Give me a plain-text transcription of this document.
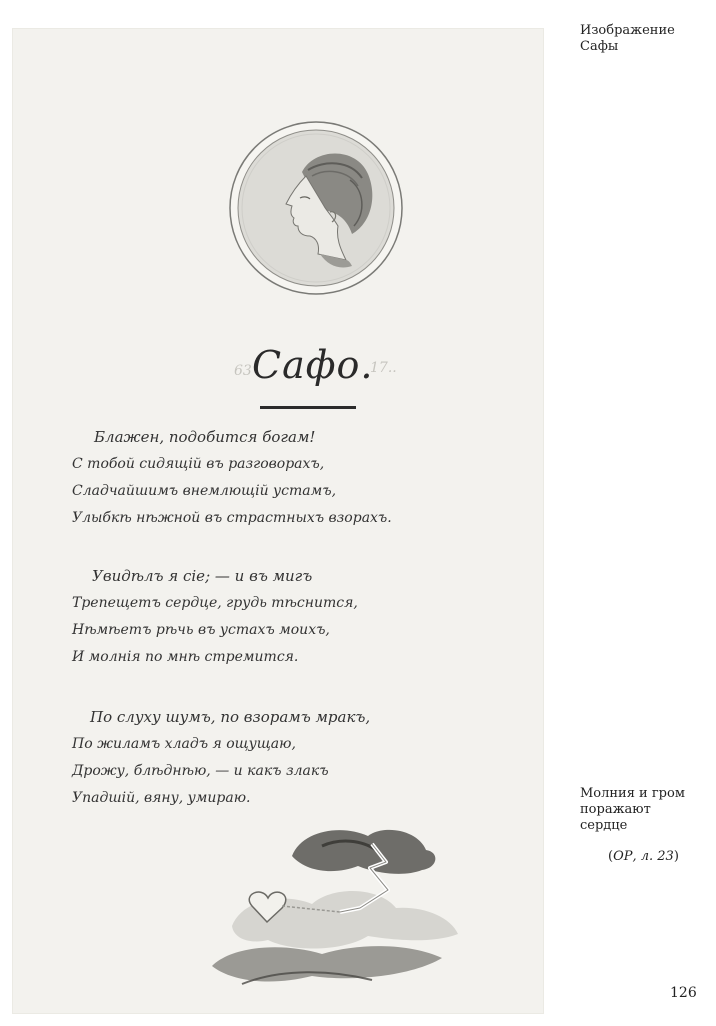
63 Сафо.
17..
Блажен, подобится богам!
С тобой сидящій въ разговорахъ,
Сладчайшимъ внемлющій устамъ,
Улыбкѣ нѣжной въ страстныхъ взорахъ.
Увидѣлъ я сіе; — и въ мигъ
Трепещетъ сердце, грудь тѣснится,
Нѣмѣетъ рѣчь въ устахъ моихъ,
И молнія по мнѣ стремится.
По слуху шумъ, по взорамъ мракъ,
По жиламъ хладъ я ощущаю,
Дрожу, блѣднѣю, — и какъ злакъ
Упадшій, вяну, умираю.
Изображение
Сафы
Молния и гром
поражают
сердце
(ОР, л. 23)
126
